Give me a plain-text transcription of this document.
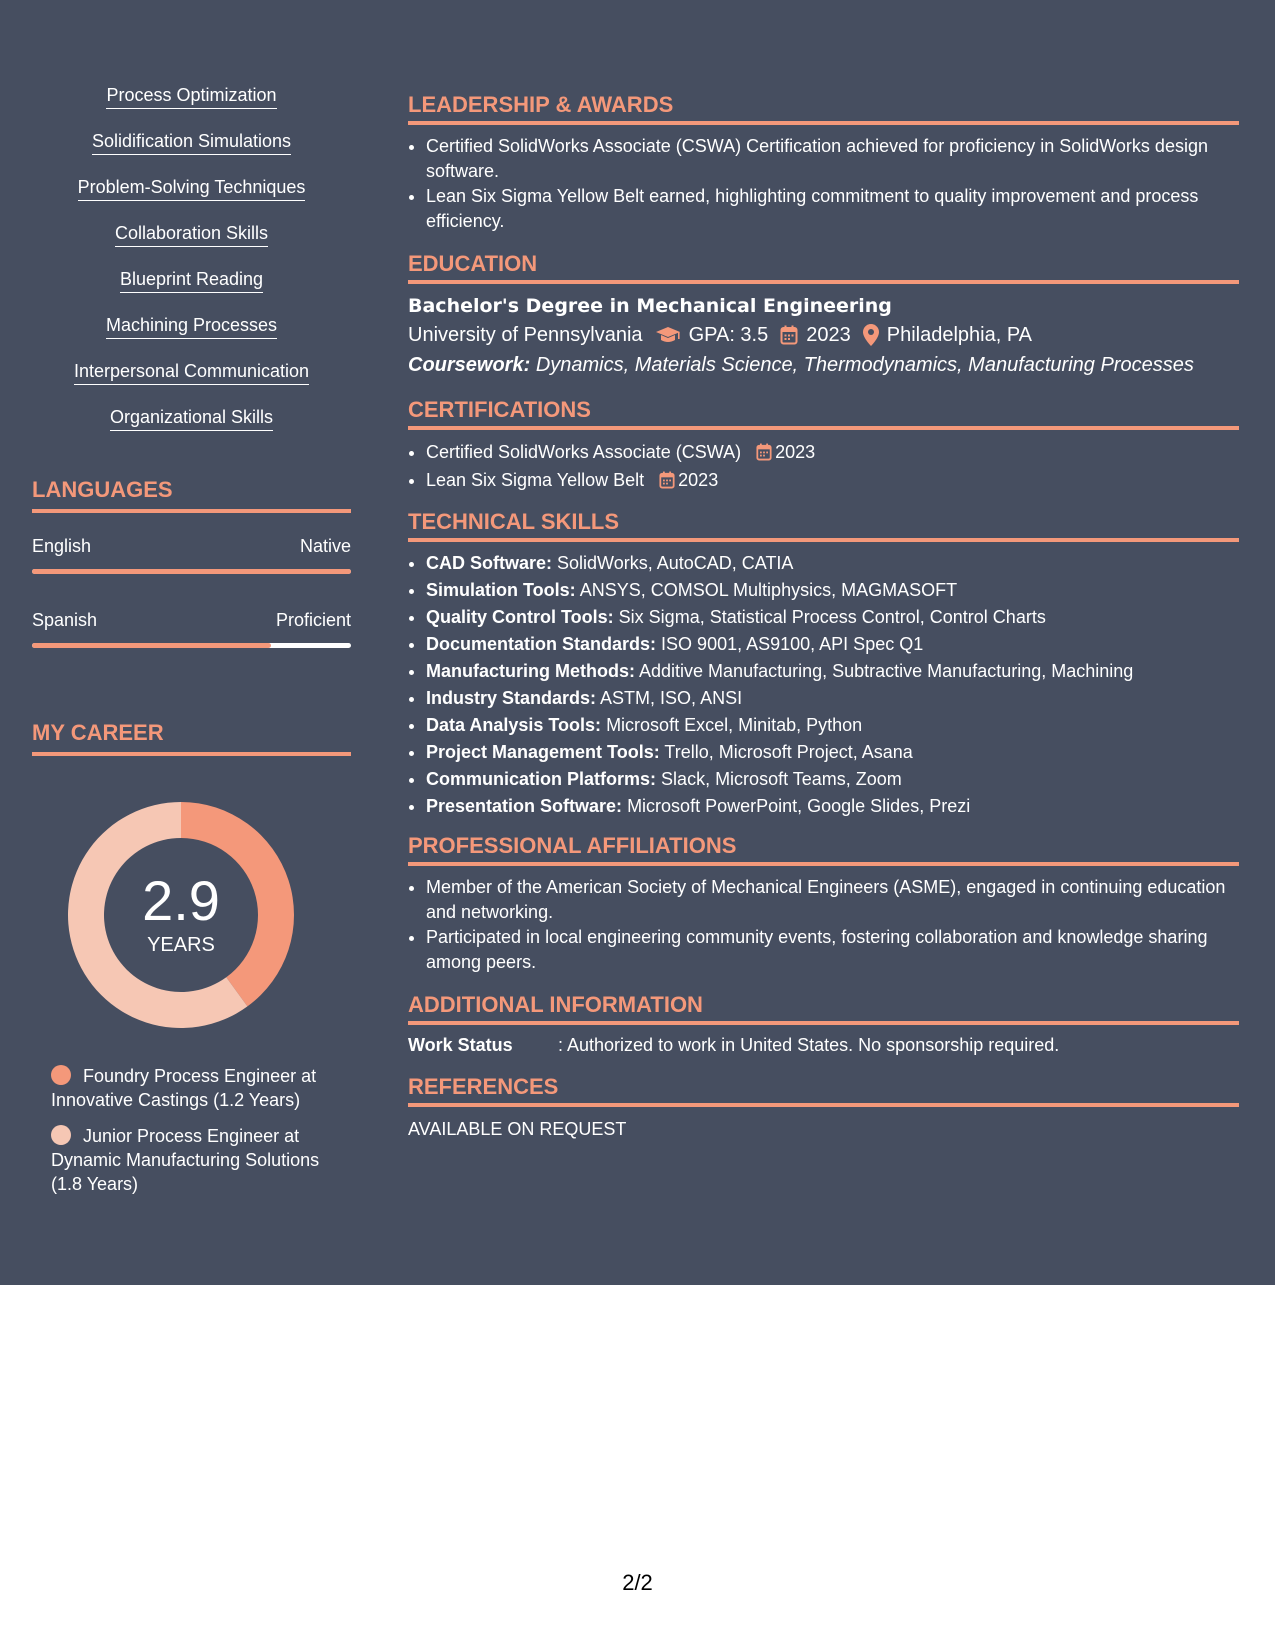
Process Optimization
Solidification Simulations
Problem-Solving Techniques
Collaboration Skills
Blueprint Reading
Machining Processes
Interpersonal Communication
Organizational Skills
LANGUAGES
English	Native
Spanish	Proficient
MY CAREER
2.9
YEARS
Foundry Process Engineer at Innovative Castings (1.2 Years)
Junior Process Engineer at Dynamic Manufacturing Solutions (1.8 Years)
LEADERSHIP & AWARDS
• Certified SolidWorks Associate (CSWA) Certification achieved for proficiency in SolidWorks design software.
• Lean Six Sigma Yellow Belt earned, highlighting commitment to quality improvement and process efficiency.
EDUCATION
Bachelor's Degree in Mechanical Engineering
University of Pennsylvania GPA: 3.5 2023 Philadelphia, PA
Coursework: Dynamics, Materials Science, Thermodynamics, Manufacturing Processes
CERTIFICATIONS
• Certified SolidWorks Associate (CSWA) 2023
• Lean Six Sigma Yellow Belt 2023
TECHNICAL SKILLS
• CAD Software: SolidWorks, AutoCAD, CATIA
• Simulation Tools: ANSYS, COMSOL Multiphysics, MAGMASOFT
• Quality Control Tools: Six Sigma, Statistical Process Control, Control Charts
• Documentation Standards: ISO 9001, AS9100, API Spec Q1
• Manufacturing Methods: Additive Manufacturing, Subtractive Manufacturing, Machining
• Industry Standards: ASTM, ISO, ANSI
• Data Analysis Tools: Microsoft Excel, Minitab, Python
• Project Management Tools: Trello, Microsoft Project, Asana
• Communication Platforms: Slack, Microsoft Teams, Zoom
• Presentation Software: Microsoft PowerPoint, Google Slides, Prezi
PROFESSIONAL AFFILIATIONS
• Member of the American Society of Mechanical Engineers (ASME), engaged in continuing education and networking.
• Participated in local engineering community events, fostering collaboration and knowledge sharing among peers.
ADDITIONAL INFORMATION
Work Status	: Authorized to work in United States. No sponsorship required.
REFERENCES
AVAILABLE ON REQUEST
2/2
